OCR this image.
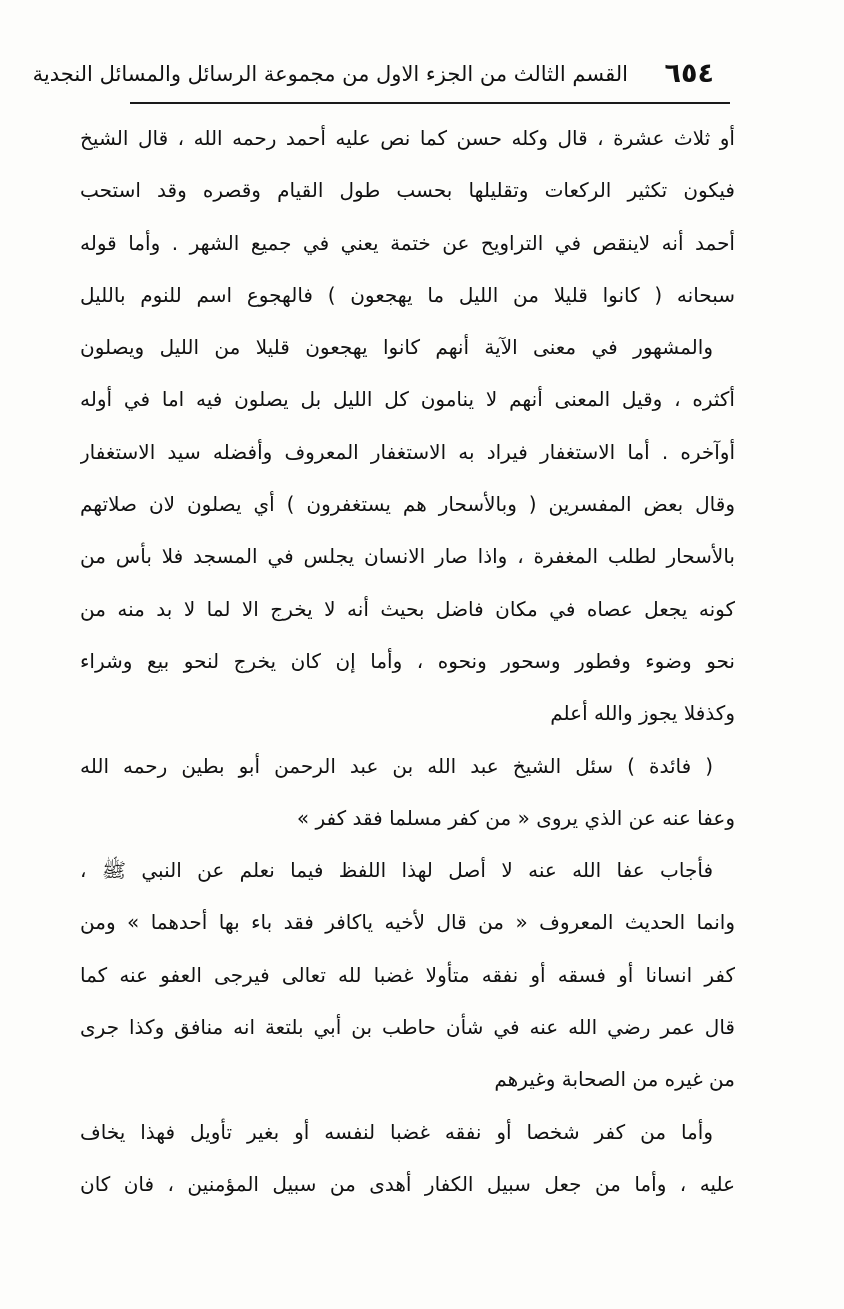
٦٥٤
القسم الثالث من الجزء الاول من مجموعة الرسائل والمسائل النجدية
أو ثلاث عشرة ، قال وكله حسن كما نص عليه أحمد رحمه الله ، قال الشيخ
فيكون تكثير الركعات وتقليلها بحسب طول القيام وقصره وقد استحب
أحمد أنه لاينقص في التراويح عن ختمة يعني في جميع الشهر . وأما قوله
سبحانه ( كانوا قليلا من الليل ما يهجعون ) فالهجوع اسم للنوم بالليل
والمشهور في معنى الآية أنهم كانوا يهجعون قليلا من الليل ويصلون
أكثره ، وقيل المعنى أنهم لا ينامون كل الليل بل يصلون فيه اما في أوله
أوآخره . أما الاستغفار فيراد به الاستغفار المعروف وأفضله سيد الاستغفار
وقال بعض المفسرين ( وبالأسحار هم يستغفرون ) أي يصلون لان صلاتهم
بالأسحار لطلب المغفرة ، واذا صار الانسان يجلس في المسجد فلا بأس من
كونه يجعل عصاه في مكان فاضل بحيث أنه لا يخرج الا لما لا بد منه من
نحو وضوء وفطور وسحور ونحوه ، وأما إن كان يخرج لنحو بيع وشراء
وكذفلا يجوز والله أعلم
( فائدة ) سئل الشيخ عبد الله بن عبد الرحمن أبو بطين رحمه الله
وعفا عنه عن الذي يروى « من كفر مسلما فقد كفر »
فأجاب عفا الله عنه لا أصل لهذا اللفظ فيما نعلم عن النبي ﷺ ،
وانما الحديث المعروف « من قال لأخيه ياكافر فقد باء بها أحدهما » ومن
كفر انسانا أو فسقه أو نفقه متأولا غضبا لله تعالى فيرجى العفو عنه كما
قال عمر رضي الله عنه في شأن حاطب بن أبي بلتعة انه منافق وكذا جرى
من غيره من الصحابة وغيرهم
وأما من كفر شخصا أو نفقه غضبا لنفسه أو بغير تأويل فهذا يخاف
عليه ، وأما من جعل سبيل الكفار أهدى من سبيل المؤمنين ، فان كان
